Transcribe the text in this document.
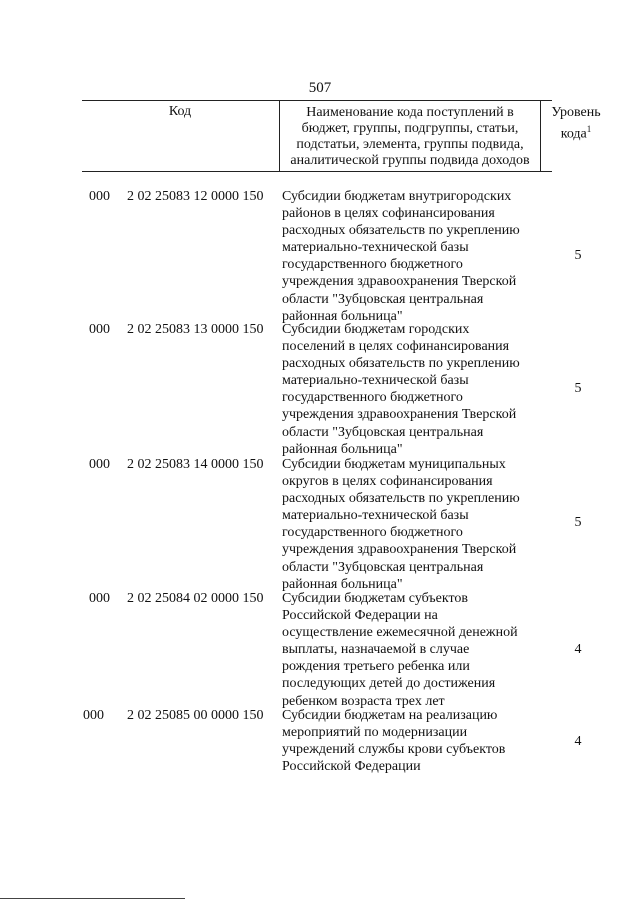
507
Код	Наименование кода поступлений в
бюджет, группы, подгруппы, статьи,
подстатьи, элемента, группы подвида,
аналитической группы подвида доходов
Уровень
кода$^1$
000 2 02 25083 12 0000 150 Субсидии бюджетам внутригородских
районов в целях софинансирования
расходных обязательств по укреплению
материально-технической базы
государственного бюджетного
учреждения здравоохранения Тверской
области "Зубцовская центральная
районная больница"
5
000 2 02 25083 13 0000 150 Субсидии бюджетам городских
поселений в целях софинансирования
расходных обязательств по укреплению
материально-технической базы
государственного бюджетного
учреждения здравоохранения Тверской
области "Зубцовская центральная
районная больница"
5
000 2 02 25083 14 0000 150 Субсидии бюджетам муниципальных
округов в целях софинансирования
расходных обязательств по укреплению
материально-технической базы
государственного бюджетного
учреждения здравоохранения Тверской
области "Зубцовская центральная
районная больница"
5
000 2 02 25084 02 0000 150 Субсидии бюджетам субъектов
Российской Федерации на
осуществление ежемесячной денежной
выплаты, назначаемой в случае
рождения третьего ребенка или
последующих детей до достижения
ребенком возраста трех лет
4
000 2 02 25085 00 0000 150 Субсидии бюджетам на реализацию
мероприятий по модернизации
учреждений службы крови субъектов
Российской Федерации
4
